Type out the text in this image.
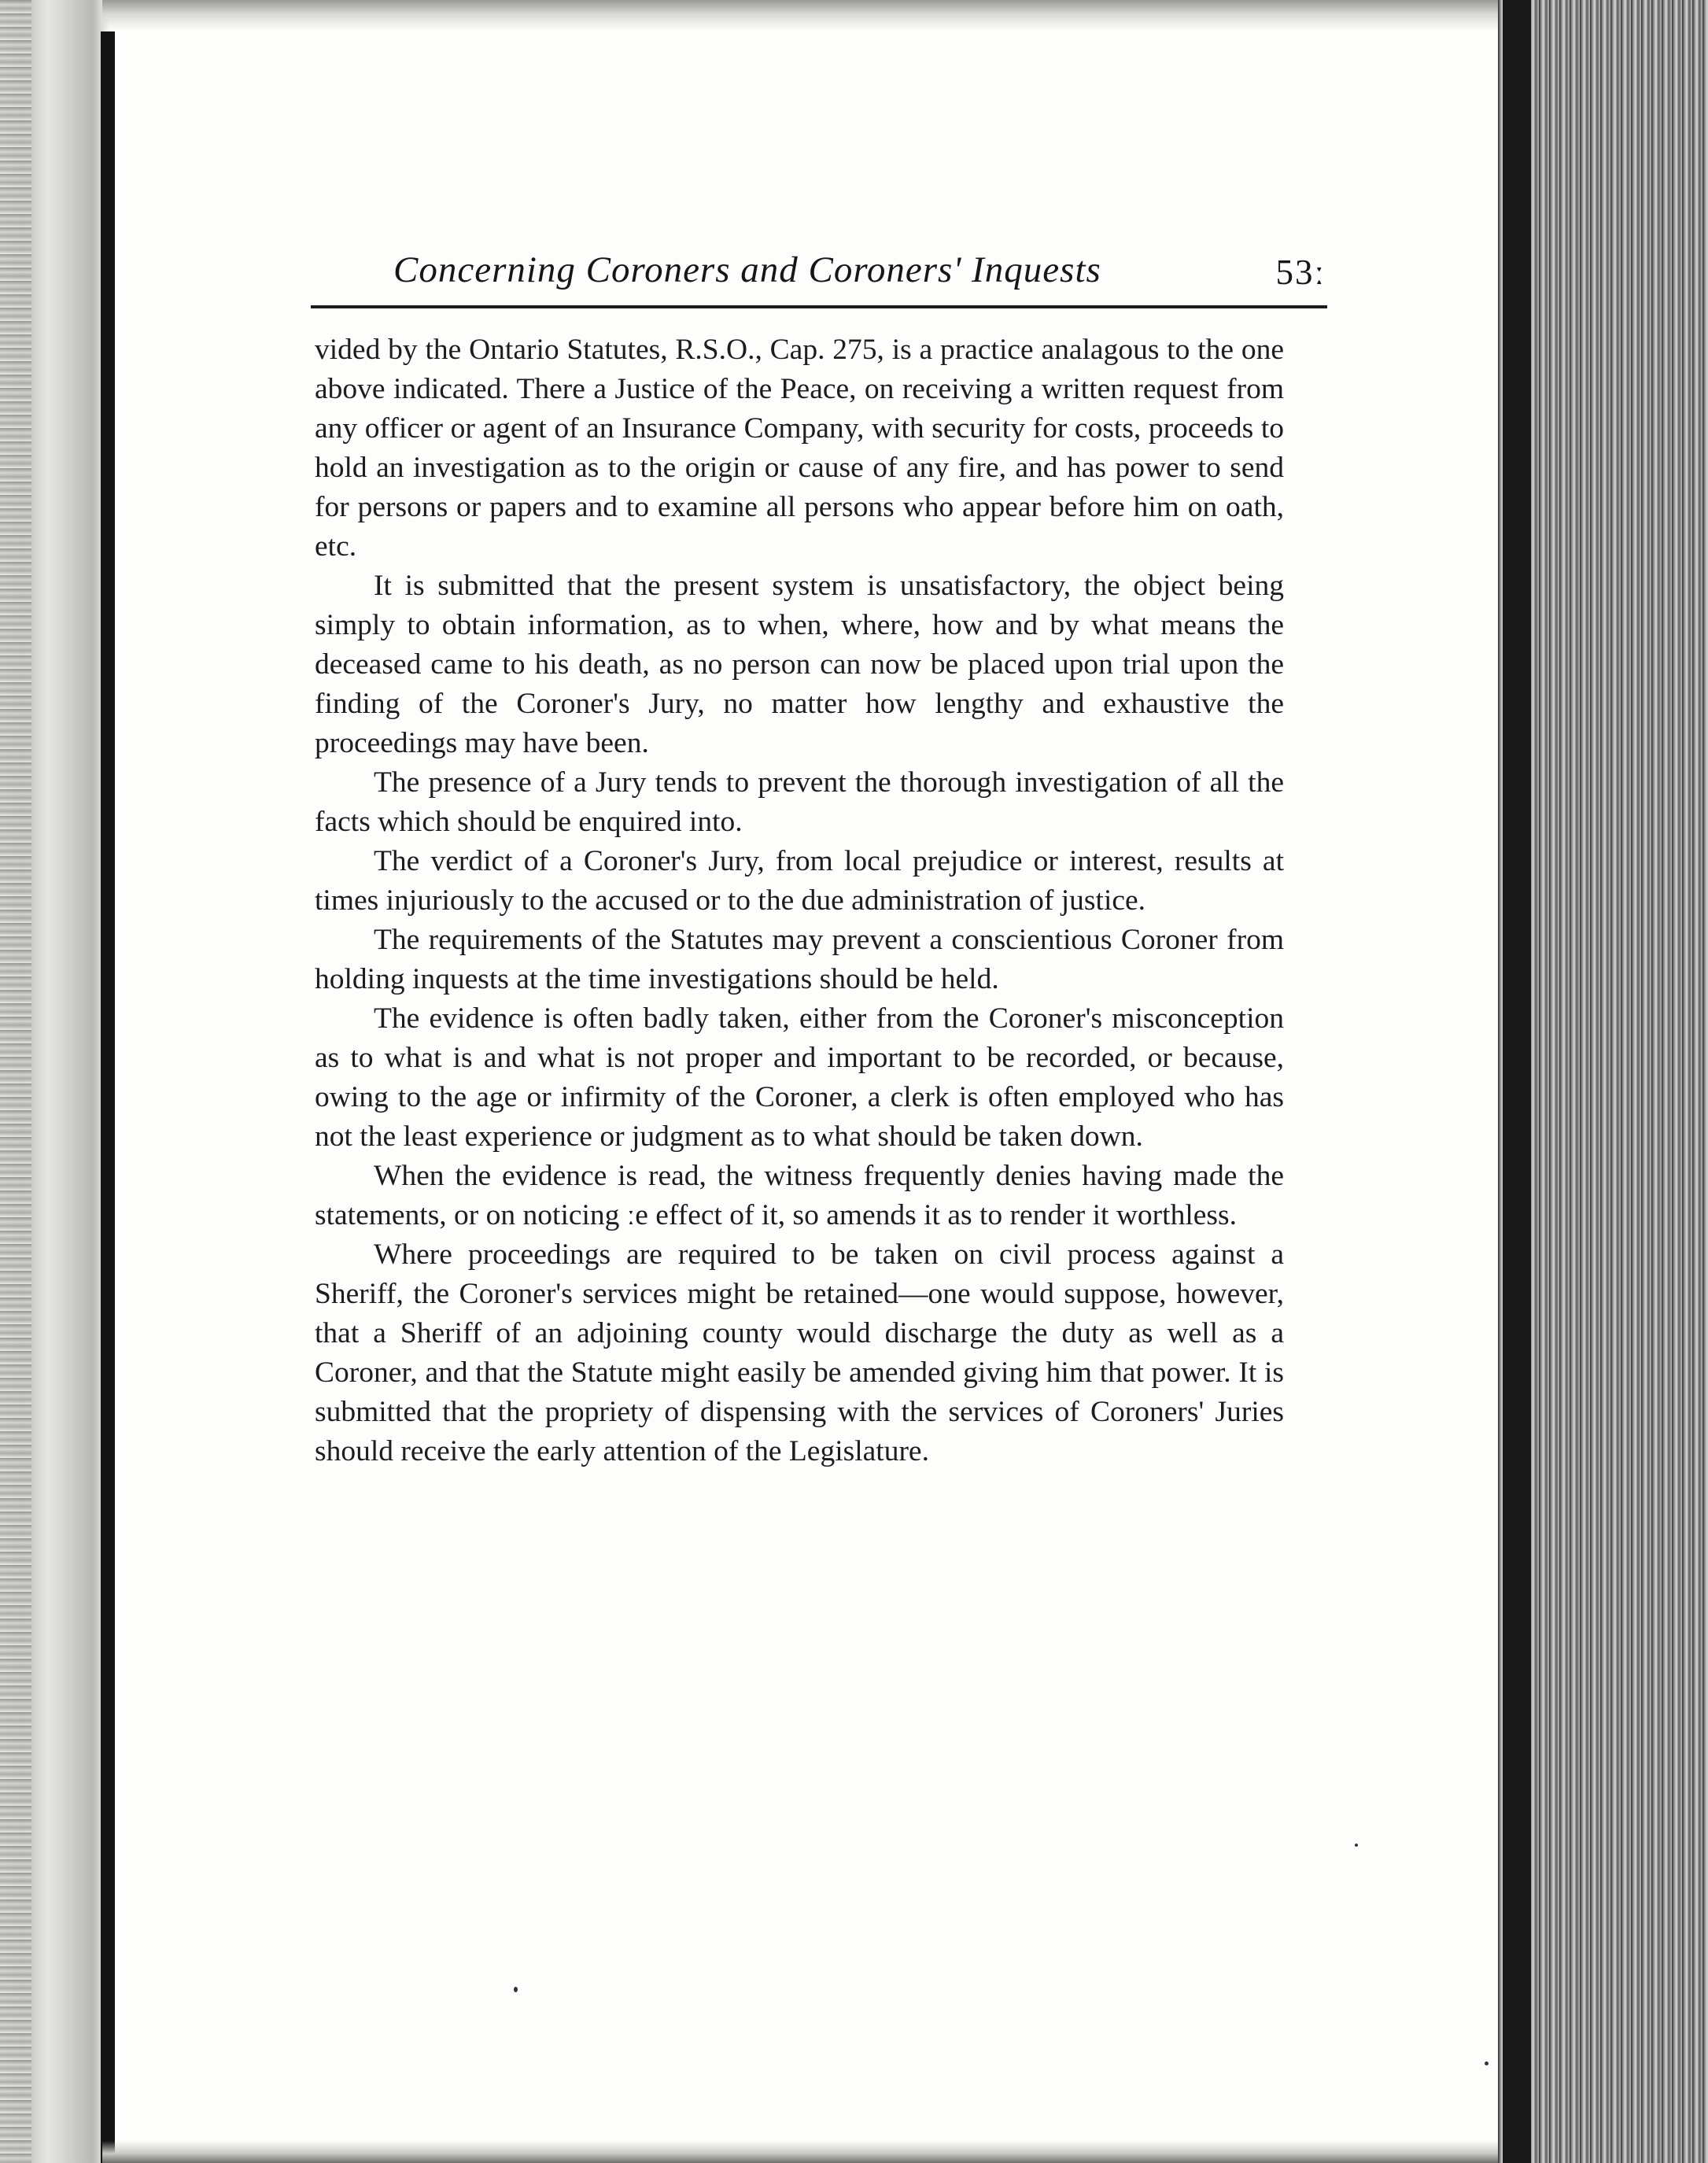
Concerning Coroners and Coroners' Inquests	53ː

vided by the Ontario Statutes, R.S.O., Cap. 275, is a practice analagous to the one above indicated. There a Justice of the Peace, on receiving a written request from any officer or agent of an Insurance Company, with security for costs, proceeds to hold an investigation as to the origin or cause of any fire, and has power to send for persons or papers and to examine all persons who appear before him on oath, etc.

It is submitted that the present system is unsatisfactory, the object being simply to obtain information, as to when, where, how and by what means the deceased came to his death, as no person can now be placed upon trial upon the finding of the Coroner's Jury, no matter how lengthy and exhaustive the proceedings may have been.

The presence of a Jury tends to prevent the thorough investigation of all the facts which should be enquired into.

The verdict of a Coroner's Jury, from local prejudice or interest, results at times injuriously to the accused or to the due administration of justice.

The requirements of the Statutes may prevent a conscientious Coroner from holding inquests at the time investigations should be held.

The evidence is often badly taken, either from the Coroner's misconception as to what is and what is not proper and important to be recorded, or because, owing to the age or infirmity of the Coroner, a clerk is often employed who has not the least experience or judgment as to what should be taken down.

When the evidence is read, the witness frequently denies having made the statements, or on noticing ːe effect of it, so amends it as to render it worthless.

Where proceedings are required to be taken on civil process against a Sheriff, the Coroner's services might be retained—one would suppose, however, that a Sheriff of an adjoining county would discharge the duty as well as a Coroner, and that the Statute might easily be amended giving him that power. It is submitted that the propriety of dispensing with the services of Coroners' Juries should receive the early attention of the Legislature.
